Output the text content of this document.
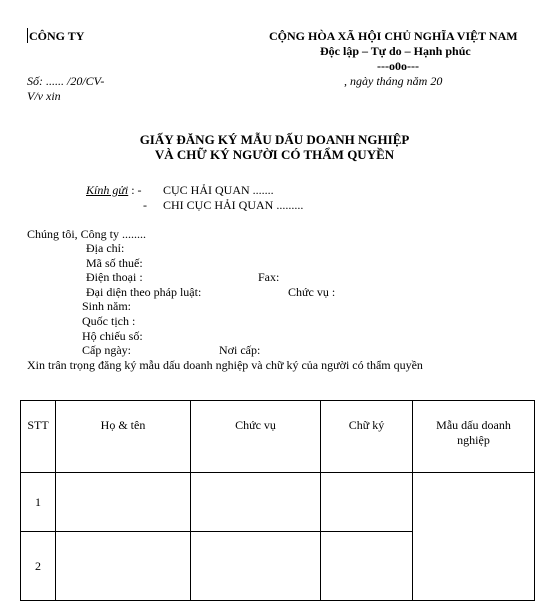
CÔNG TY	CỘNG HÒA XÃ HỘI CHỦ NGHĨA VIỆT NAM
Độc lập – Tự do – Hạnh phúc
---o0o---
Số: ...... /20/CV-	, ngày tháng năm 20
V/v xin
GIẤY ĐĂNG KÝ MẪU DẤU DOANH NGHIỆP
VÀ CHỮ KÝ NGƯỜI CÓ THẨM QUYỀN
Kính gửi : - CỤC HẢI QUAN .......
- CHI CỤC HẢI QUAN .........
Chúng tôi, Công ty ........
Địa chỉ:
Mã số thuế:
Điện thoại :	Fax:
Đại diện theo pháp luật:	Chức vụ :
Sinh năm:
Quốc tịch :
Hộ chiếu số:
Cấp ngày:	Nơi cấp:
Xin trân trọng đăng ký mẫu dấu doanh nghiệp và chữ ký của người có thẩm quyền
STT	Họ & tên	Chức vụ	Chữ ký	Mẫu dấu doanh
nghiệp

1				
2				
